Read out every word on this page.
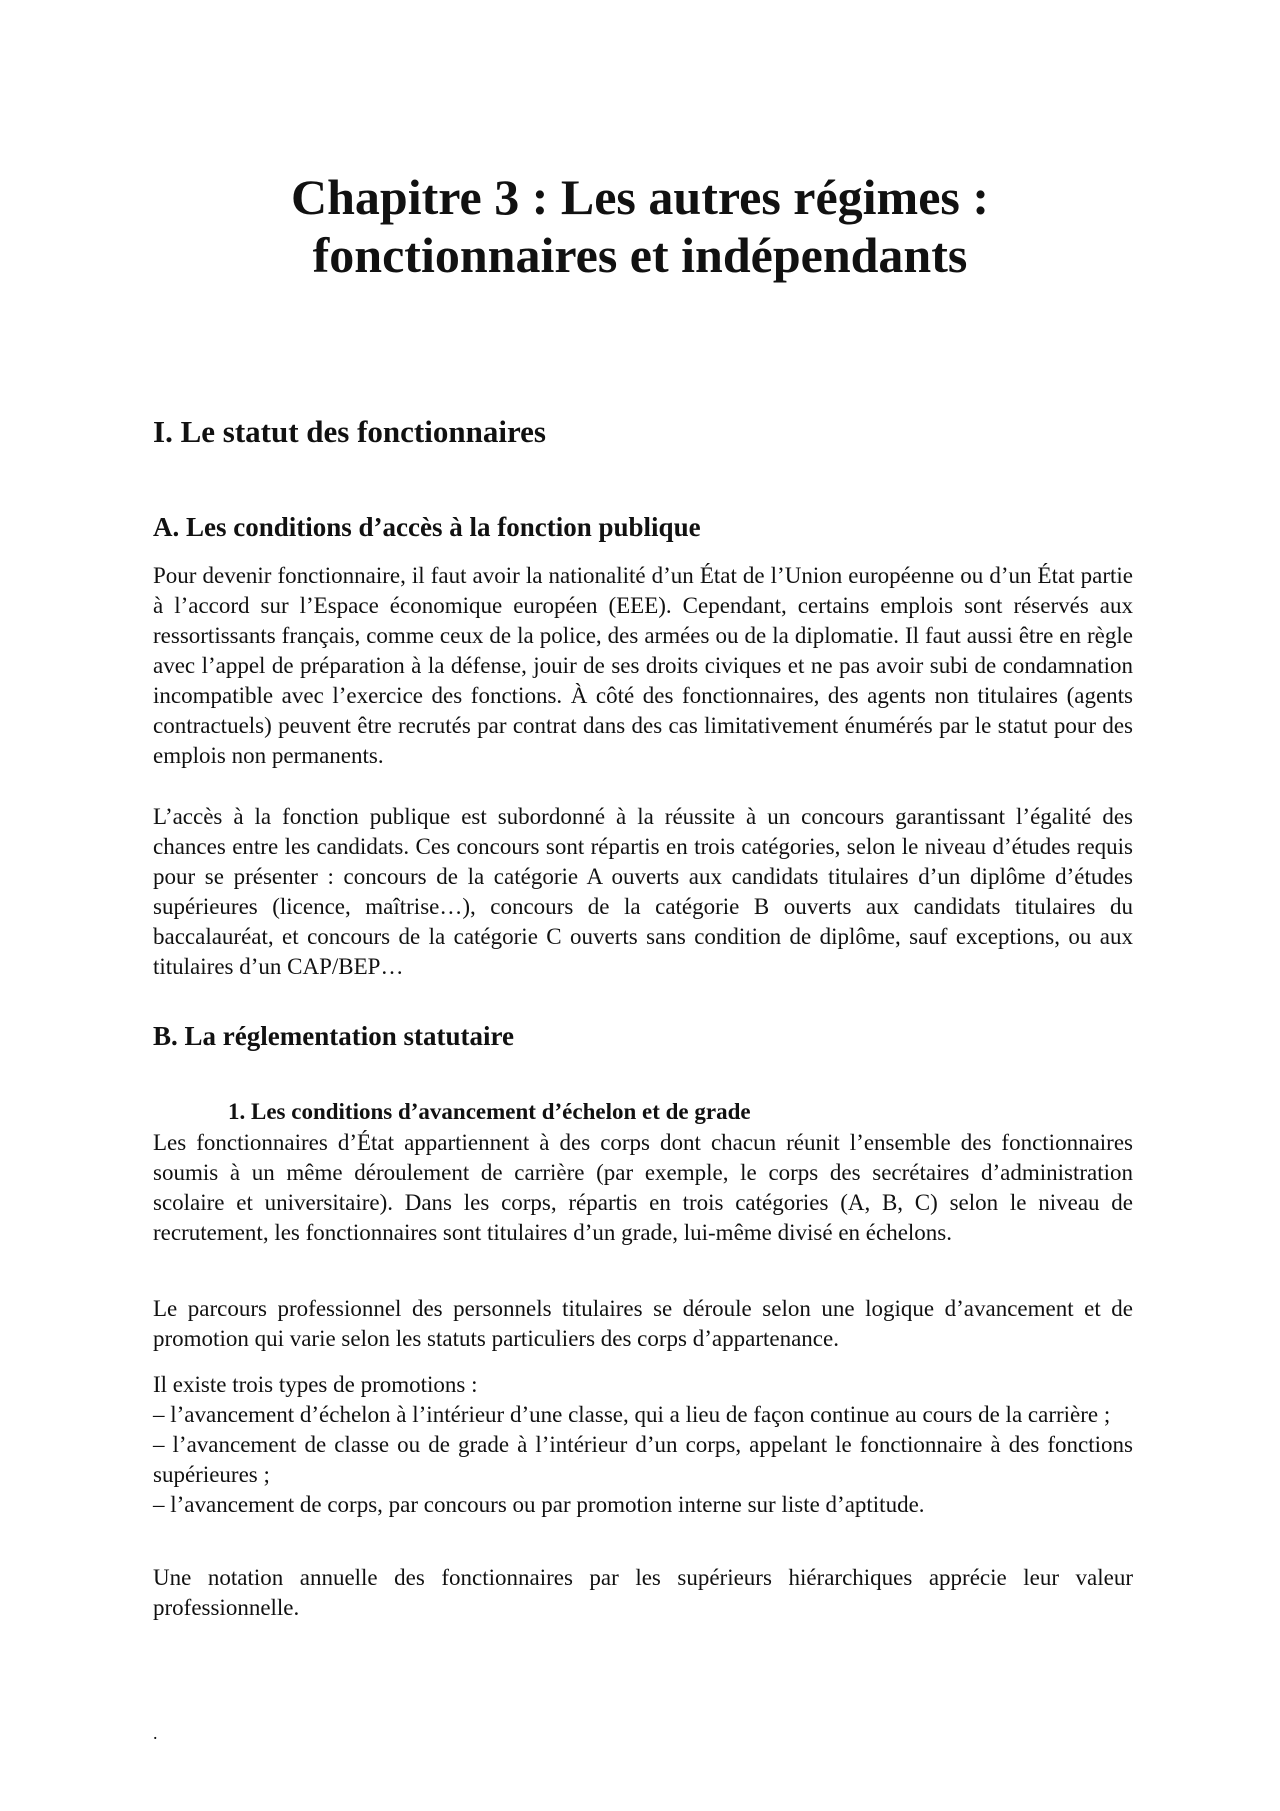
Chapitre 3 : Les autres régimes : fonctionnaires et indépendants
I. Le statut des fonctionnaires
A. Les conditions d’accès à la fonction publique

Pour devenir fonctionnaire, il faut avoir la nationalité d’un État de l’Union européenne ou d’un État partie à l’accord sur l’Espace économique européen (EEE). Cependant, certains emplois sont réservés aux ressortissants français, comme ceux de la police, des armées ou de la diplomatie. Il faut aussi être en règle avec l’appel de préparation à la défense, jouir de ses droits civiques et ne pas avoir subi de condamnation incompatible avec l’exercice des fonctions. À côté des fonctionnaires, des agents non titulaires (agents contractuels) peuvent être recrutés par contrat dans des cas limitativement énumérés par le statut pour des emplois non permanents.

L’accès à la fonction publique est subordonné à la réussite à un concours garantissant l’égalité des chances entre les candidats. Ces concours sont répartis en trois catégories, selon le niveau d’études requis pour se présenter : concours de la catégorie A ouverts aux candidats titulaires d’un diplôme d’études supérieures (licence, maîtrise…), concours de la catégorie B ouverts aux candidats titulaires du baccalauréat, et concours de la catégorie C ouverts sans condition de diplôme, sauf exceptions, ou aux titulaires d’un CAP/BEP…

B. La réglementation statutaire
1. Les conditions d’avancement d’échelon et de grade

Les fonctionnaires d’État appartiennent à des corps dont chacun réunit l’ensemble des fonctionnaires soumis à un même déroulement de carrière (par exemple, le corps des secrétaires d’administration scolaire et universitaire). Dans les corps, répartis en trois catégories (A, B, C) selon le niveau de recrutement, les fonctionnaires sont titulaires d’un grade, lui-même divisé en échelons.

Le parcours professionnel des personnels titulaires se déroule selon une logique d’avancement et de promotion qui varie selon les statuts particuliers des corps d’appartenance.

Il existe trois types de promotions :
– l’avancement d’échelon à l’intérieur d’une classe, qui a lieu de façon continue au cours de la carrière ;
– l’avancement de classe ou de grade à l’intérieur d’un corps, appelant le fonctionnaire à des fonctions supérieures ;
– l’avancement de corps, par concours ou par promotion interne sur liste d’aptitude.

Une notation annuelle des fonctionnaires par les supérieurs hiérarchiques apprécie leur valeur professionnelle.

.
